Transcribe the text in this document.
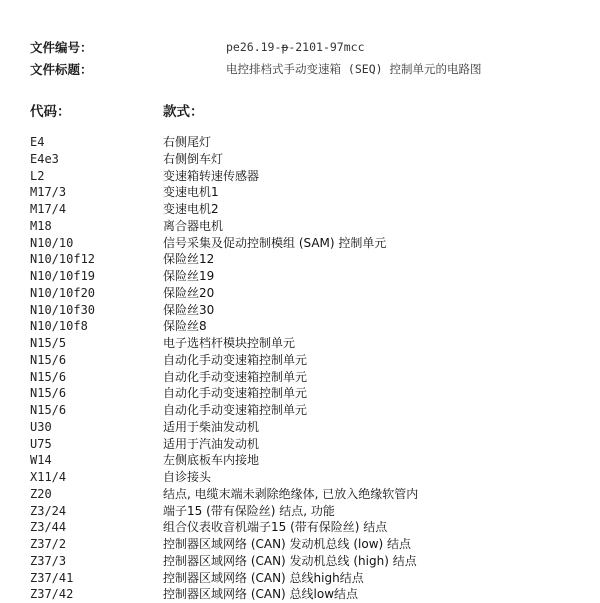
文件编号：	pe26.19-p-2101-97mcc
文件标题：	电控排档式手动变速箱 (SEQ) 控制单元的电路图
代码：	款式：
E4	右侧尾灯
E4e3	右侧倒车灯
L2	变速箱转速传感器
M17/3	变速电机1
M17/4	变速电机2
M18	离合器电机
N10/10	信号采集及促动控制模组 (SAM) 控制单元
N10/10f12	保险丝12
N10/10f19	保险丝19
N10/10f20	保险丝20
N10/10f30	保险丝30
N10/10f8	保险丝8
N15/5	电子选档杆模块控制单元
N15/6	自动化手动变速箱控制单元
N15/6	自动化手动变速箱控制单元
N15/6	自动化手动变速箱控制单元
N15/6	自动化手动变速箱控制单元
U30	适用于柴油发动机
U75	适用于汽油发动机
W14	左侧底板车内接地
X11/4	自诊接头
Z20	结点, 电缆末端未剥除绝缘体, 已放入绝缘软管内
Z3/24	端子15 (带有保险丝) 结点, 功能
Z3/44	组合仪表收音机端子15 (带有保险丝) 结点
Z37/2	控制器区域网络 (CAN) 发动机总线 (low) 结点
Z37/3	控制器区域网络 (CAN) 发动机总线 (high) 结点
Z37/41	控制器区域网络 (CAN) 总线high结点
Z37/42	控制器区域网络 (CAN) 总线low结点
